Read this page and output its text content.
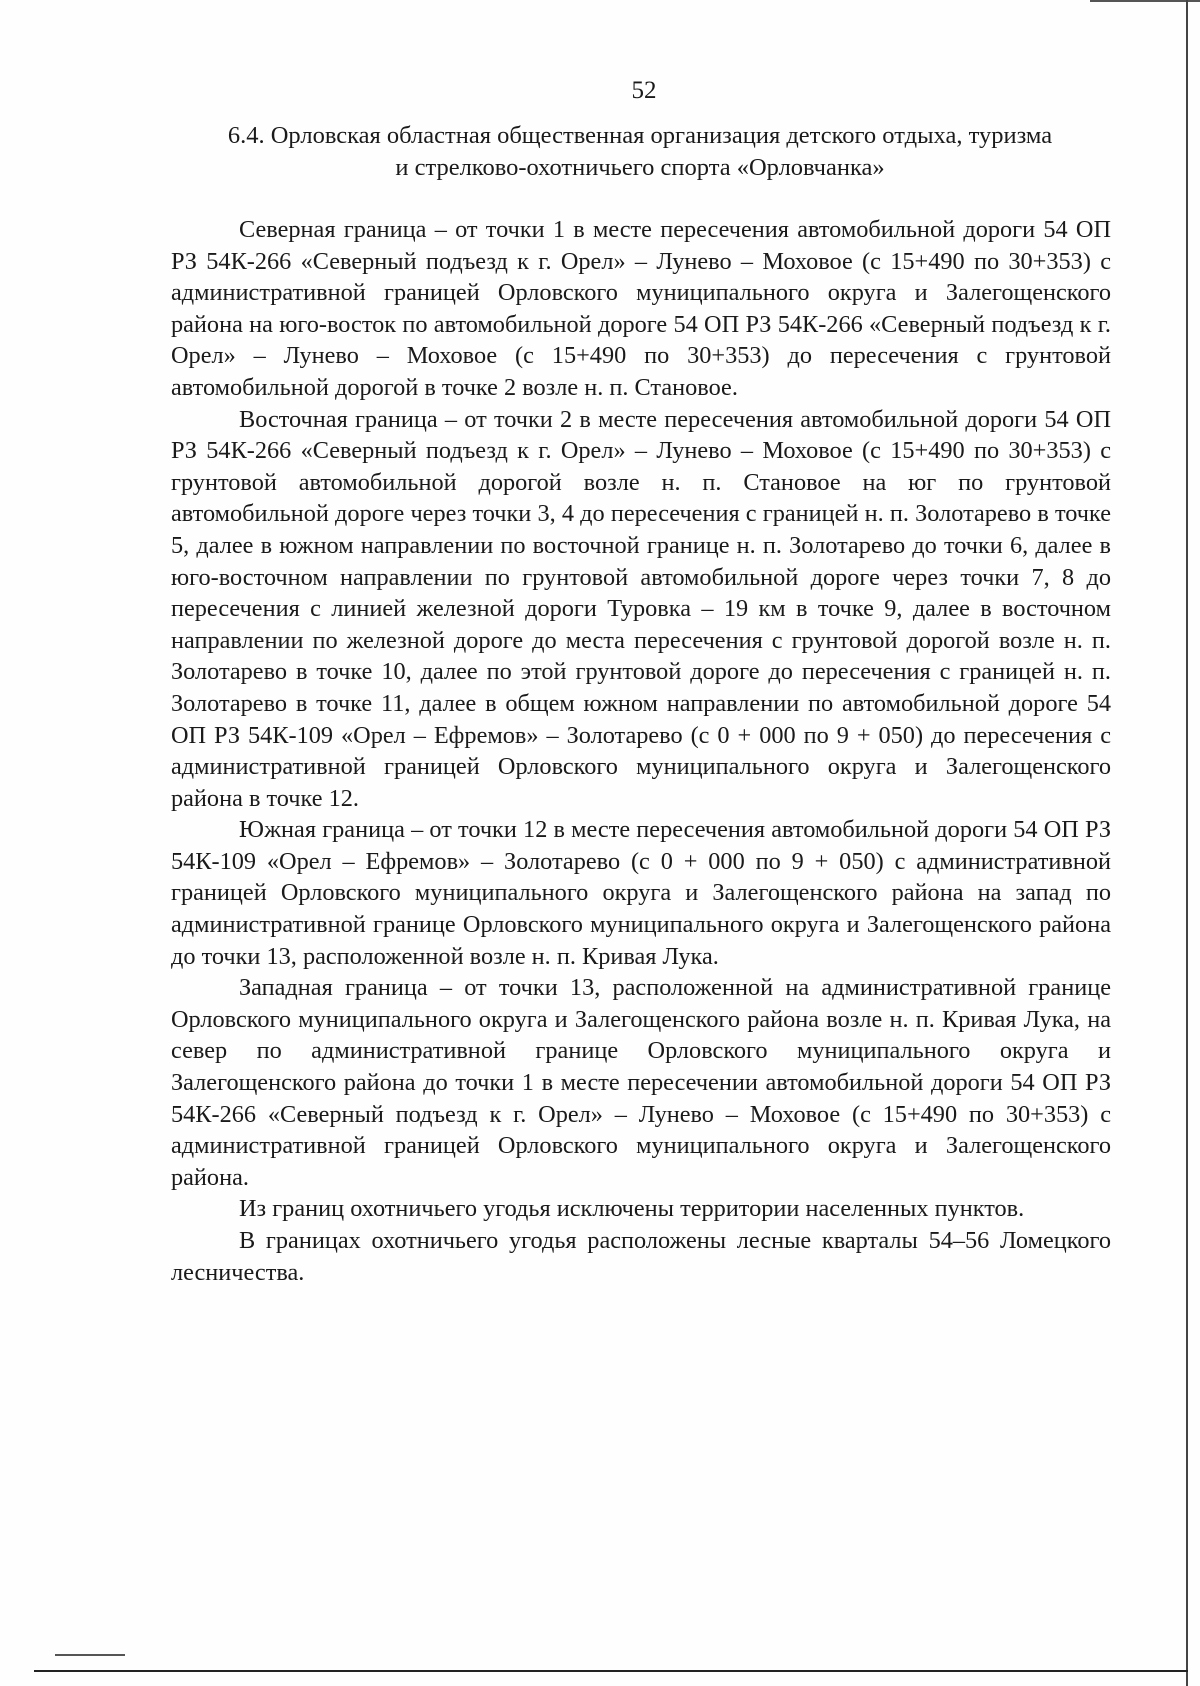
52
6.4. Орловская областная общественная организация детского отдыха, туризма
и стрелково-охотничьего спорта «Орловчанка»

Северная граница – от точки 1 в месте пересечения автомобильной дороги 54 ОП РЗ 54К-266 «Северный подъезд к г. Орел» – Лунево – Моховое (с 15+490 по 30+353) с административной границей Орловского муниципального округа и Залегощенского района на юго-восток по автомобильной дороге 54 ОП РЗ 54К-266 «Северный подъезд к г. Орел» – Лунево – Моховое (с 15+490 по 30+353) до пересечения с грунтовой автомобильной дорогой в точке 2 возле н. п. Становое.

Восточная граница – от точки 2 в месте пересечения автомобильной дороги 54 ОП РЗ 54К-266 «Северный подъезд к г. Орел» – Лунево – Моховое (с 15+490 по 30+353) с грунтовой автомобильной дорогой возле н. п. Становое на юг по грунтовой автомобильной дороге через точки 3, 4 до пересечения с границей н. п. Золотарево в точке 5, далее в южном направлении по восточной границе н. п. Золотарево до точки 6, далее в юго-восточном направлении по грунтовой автомобильной дороге через точки 7, 8 до пересечения с линией железной дороги Туровка – 19 км в точке 9, далее в восточном направлении по железной дороге до места пересечения с грунтовой дорогой возле н. п. Золотарево в точке 10, далее по этой грунтовой дороге до пересечения с границей н. п. Золотарево в точке 11, далее в общем южном направлении по автомобильной дороге 54 ОП РЗ 54К-109 «Орел – Ефремов» – Золотарево (с 0 + 000 по 9 + 050) до пересечения с административной границей Орловского муниципального округа и Залегощенского района в точке 12.

Южная граница – от точки 12 в месте пересечения автомобильной дороги 54 ОП РЗ 54К-109 «Орел – Ефремов» – Золотарево (с 0 + 000 по 9 + 050) с административной границей Орловского муниципального округа и Залегощенского района на запад по административной границе Орловского муниципального округа и Залегощенского района до точки 13, расположенной возле н. п. Кривая Лука.

Западная граница – от точки 13, расположенной на административной границе Орловского муниципального округа и Залегощенского района возле н. п. Кривая Лука, на север по административной границе Орловского муниципального округа и Залегощенского района до точки 1 в месте пересечении автомобильной дороги 54 ОП РЗ 54К-266 «Северный подъезд к г. Орел» – Лунево – Моховое (с 15+490 по 30+353) с административной границей Орловского муниципального округа и Залегощенского района.

Из границ охотничьего угодья исключены территории населенных пунктов.

В границах охотничьего угодья расположены лесные кварталы 54–56 Ломецкого лесничества.
